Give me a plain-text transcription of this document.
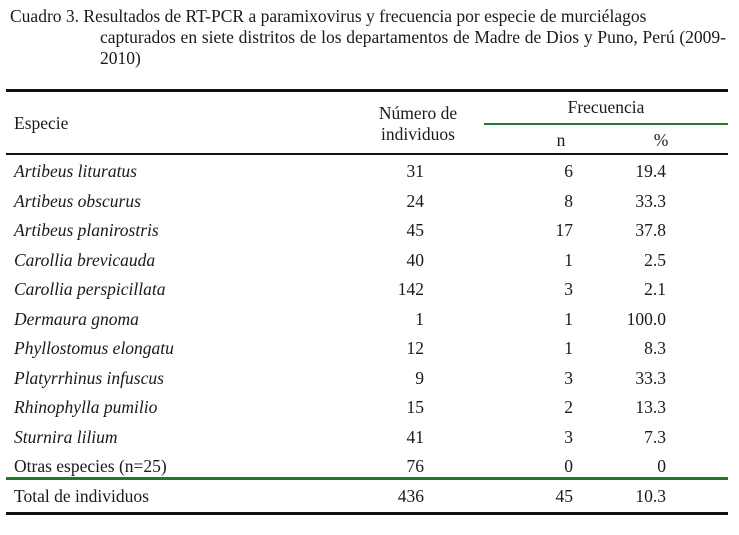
Cuadro 3. Resultados de RT-PCR a paramixovirus y frecuencia por especie de murciélagos
capturados en siete distritos de los departamentos de Madre de Dios y Puno, Perú (2009-2010)
Especie	Número de individuos
Frecuencia
n	%
Artibeus lituratus	31	6	19.4
Artibeus obscurus	24	8	33.3
Artibeus planirostris	45	17	37.8
Carollia brevicauda	40	1	2.5
Carollia perspicillata	142	3	2.1
Dermaura gnoma	1	1	100.0
Phyllostomus elongatu	12	1	8.3
Platyrrhinus infuscus	9	3	33.3
Rhinophylla pumilio	15	2	13.3
Sturnira lilium	41	3	7.3
Otras especies (n=25)	76	0	0
Total de individuos	436	45	10.3
